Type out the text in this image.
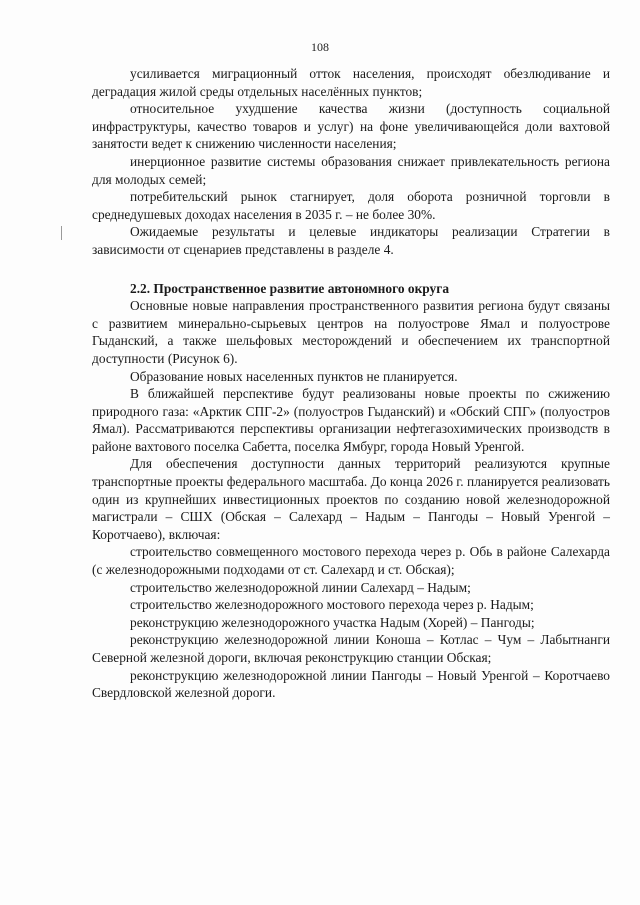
108

усиливается миграционный отток населения, происходят обезлюдивание и деградация жилой среды отдельных населённых пунктов;

относительное ухудшение качества жизни (доступность социальной инфраструктуры, качество товаров и услуг) на фоне увеличивающейся доли вахтовой занятости ведет к снижению численности населения;

инерционное развитие системы образования снижает привлекательность региона для молодых семей;

потребительский рынок стагнирует, доля оборота розничной торговли в среднедушевых доходах населения в 2035 г. – не более 30%.

Ожидаемые результаты и целевые индикаторы реализации Стратегии в зависимости от сценариев представлены в разделе 4.

2.2. Пространственное развитие автономного округа

Основные новые направления пространственного развития региона будут связаны с развитием минерально-сырьевых центров на полуострове Ямал и полуострове Гыданский, а также шельфовых месторождений и обеспечением их транспортной доступности (Рисунок 6).

Образование новых населенных пунктов не планируется.

В ближайшей перспективе будут реализованы новые проекты по сжижению природного газа: «Арктик СПГ-2» (полуостров Гыданский) и «Обский СПГ» (полуостров Ямал). Рассматриваются перспективы организации нефтегазохимических производств в районе вахтового поселка Сабетта, поселка Ямбург, города Новый Уренгой.

Для обеспечения доступности данных территорий реализуются крупные транспортные проекты федерального масштаба. До конца 2026 г. планируется реализовать один из крупнейших инвестиционных проектов по созданию новой железнодорожной магистрали – СШХ (Обская – Салехард – Надым – Пангоды – Новый Уренгой – Коротчаево), включая:

строительство совмещенного мостового перехода через р. Обь в районе Салехарда (с железнодорожными подходами от ст. Салехард и ст. Обская);

строительство железнодорожной линии Салехард – Надым;

строительство железнодорожного мостового перехода через р. Надым;

реконструкцию железнодорожного участка Надым (Хорей) – Пангоды;

реконструкцию железнодорожной линии Коноша – Котлас – Чум – Лабытнанги Северной железной дороги, включая реконструкцию станции Обская;

реконструкцию железнодорожной линии Пангоды – Новый Уренгой – Коротчаево Свердловской железной дороги.
